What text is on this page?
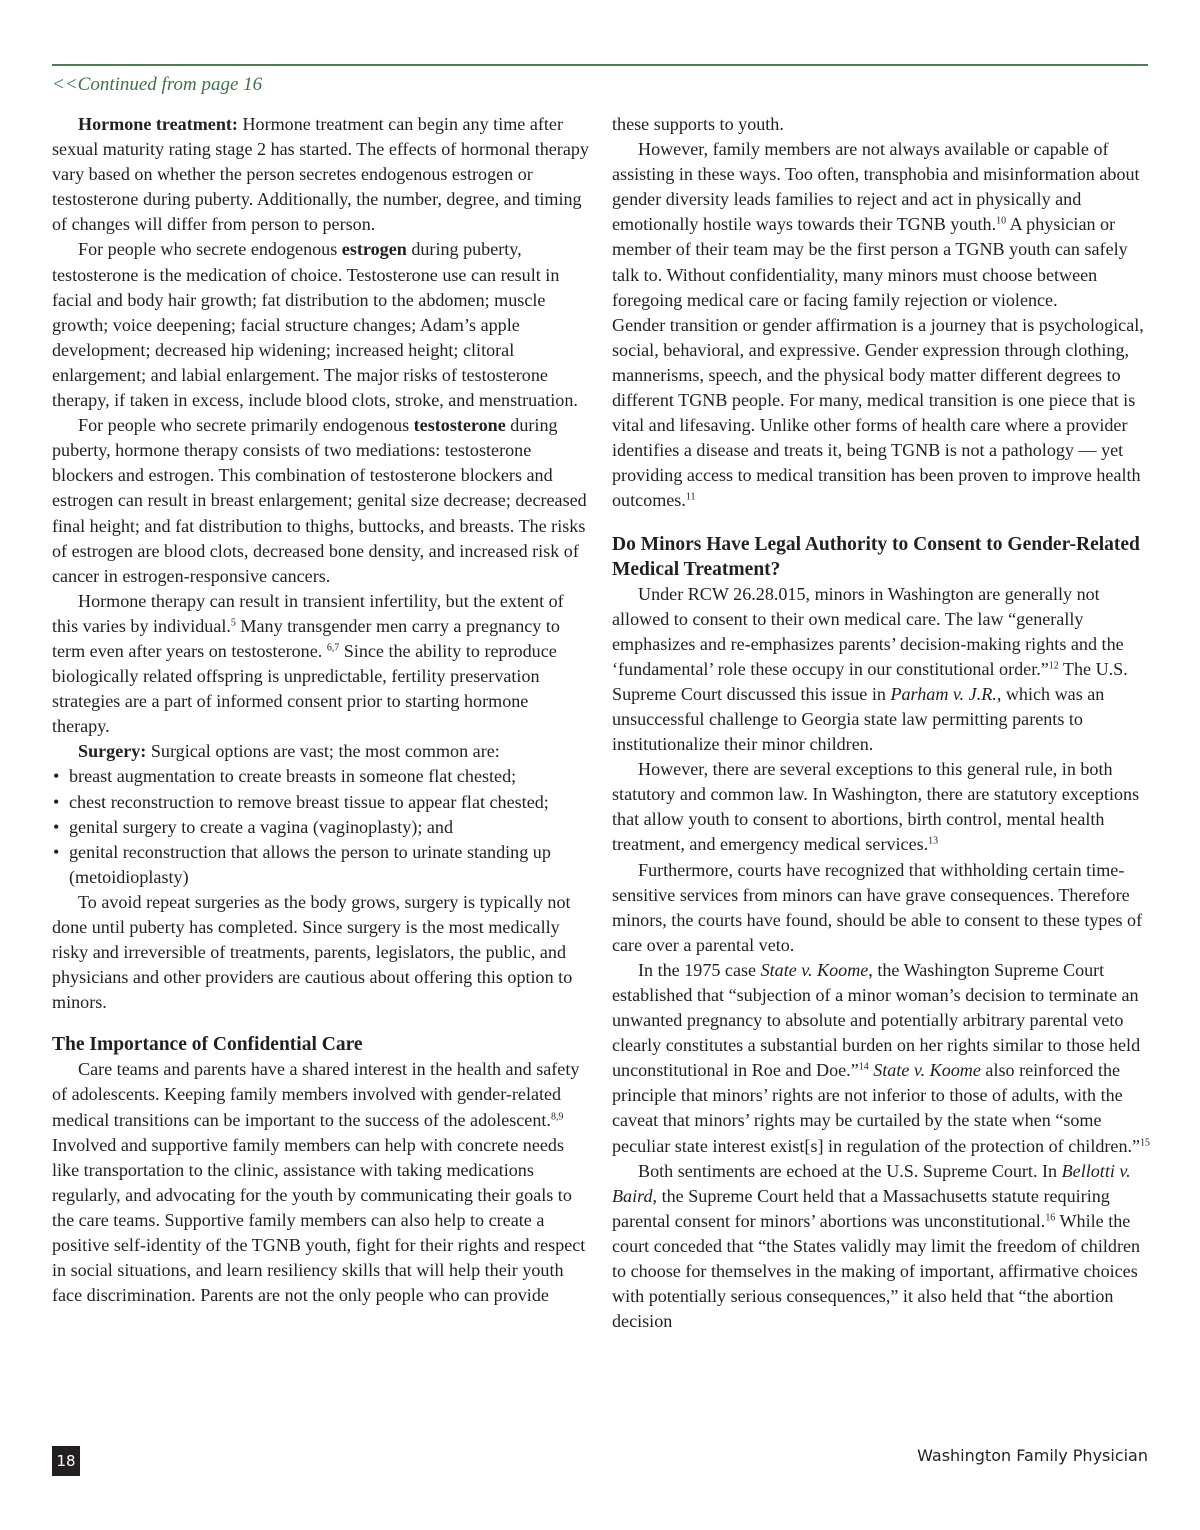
<<Continued from page 16

Hormone treatment: Hormone treatment can begin any time after sexual maturity rating stage 2 has started. The effects of hormonal therapy vary based on whether the person secretes endogenous estrogen or testosterone during puberty. Additionally, the number, degree, and timing of changes will differ from person to person.

For people who secrete endogenous estrogen during puberty, testosterone is the medication of choice. Testosterone use can result in facial and body hair growth; fat distribution to the abdomen; muscle growth; voice deepening; facial structure changes; Adam’s apple development; decreased hip widening; increased height; clitoral enlargement; and labial enlargement. The major risks of testosterone therapy, if taken in excess, include blood clots, stroke, and menstruation.

For people who secrete primarily endogenous testosterone during puberty, hormone therapy consists of two mediations: testosterone blockers and estrogen. This combination of testosterone blockers and estrogen can result in breast enlargement; genital size decrease; decreased final height; and fat distribution to thighs, buttocks, and breasts. The risks of estrogen are blood clots, decreased bone density, and increased risk of cancer in estrogen-responsive cancers.

Hormone therapy can result in transient infertility, but the extent of this varies by individual.$^5$ Many transgender men carry a pregnancy to term even after years on testosterone. $^{6,7}$ Since the ability to reproduce biologically related offspring is unpredictable, fertility preservation strategies are a part of informed consent prior to starting hormone therapy.

Surgery: Surgical options are vast; the most common are:

• breast augmentation to create breasts in someone flat chested;
• chest reconstruction to remove breast tissue to appear flat chested;
• genital surgery to create a vagina (vaginoplasty); and
• genital reconstruction that allows the person to urinate standing up (metoidioplasty)

To avoid repeat surgeries as the body grows, surgery is typically not done until puberty has completed. Since surgery is the most medically risky and irreversible of treatments, parents, legislators, the public, and physicians and other providers are cautious about offering this option to minors.

The Importance of Confidential Care

Care teams and parents have a shared interest in the health and safety of adolescents. Keeping family members involved with gender-related medical transitions can be important to the success of the adolescent.$^{8,9}$ Involved and supportive family members can help with concrete needs like transportation to the clinic, assistance with taking medications regularly, and advocating for the youth by communicating their goals to the care teams. Supportive family members can also help to create a positive self-identity of the TGNB youth, fight for their rights and respect in social situations, and learn resiliency skills that will help their youth face discrimination. Parents are not the only people who can provide

these supports to youth.

However, family members are not always available or capable of assisting in these ways. Too often, transphobia and misinformation about gender diversity leads families to reject and act in physically and emotionally hostile ways towards their TGNB youth.$^{10}$ A physician or member of their team may be the first person a TGNB youth can safely talk to. Without confidentiality, many minors must choose between foregoing medical care or facing family rejection or violence.

Gender transition or gender affirmation is a journey that is psychological, social, behavioral, and expressive. Gender expression through clothing, mannerisms, speech, and the physical body matter different degrees to different TGNB people. For many, medical transition is one piece that is vital and lifesaving. Unlike other forms of health care where a provider identifies a disease and treats it, being TGNB is not a pathology — yet providing access to medical transition has been proven to improve health outcomes.$^{11}$

Do Minors Have Legal Authority to Consent to Gender-Related Medical Treatment?

Under RCW 26.28.015, minors in Washington are generally not allowed to consent to their own medical care. The law “generally emphasizes and re-emphasizes parents’ decision-making rights and the ‘fundamental’ role these occupy in our constitutional order.”$^{12}$ The U.S. Supreme Court discussed this issue in Parham v. J.R., which was an unsuccessful challenge to Georgia state law permitting parents to institutionalize their minor children.

However, there are several exceptions to this general rule, in both statutory and common law. In Washington, there are statutory exceptions that allow youth to consent to abortions, birth control, mental health treatment, and emergency medical services.$^{13}$

Furthermore, courts have recognized that withholding certain time-sensitive services from minors can have grave consequences. Therefore minors, the courts have found, should be able to consent to these types of care over a parental veto.

In the 1975 case State v. Koome, the Washington Supreme Court established that “subjection of a minor woman’s decision to terminate an unwanted pregnancy to absolute and potentially arbitrary parental veto clearly constitutes a substantial burden on her rights similar to those held unconstitutional in Roe and Doe.”$^{14}$ State v. Koome also reinforced the principle that minors’ rights are not inferior to those of adults, with the caveat that minors’ rights may be curtailed by the state when “some peculiar state interest exist[s] in regulation of the protection of children.”$^{15}$

Both sentiments are echoed at the U.S. Supreme Court. In Bellotti v. Baird, the Supreme Court held that a Massachusetts statute requiring parental consent for minors’ abortions was unconstitutional.$^{16}$ While the court conceded that “the States validly may limit the freedom of children to choose for themselves in the making of important, affirmative choices with potentially serious consequences,” it also held that “the abortion decision

18	Washington Family Physician
